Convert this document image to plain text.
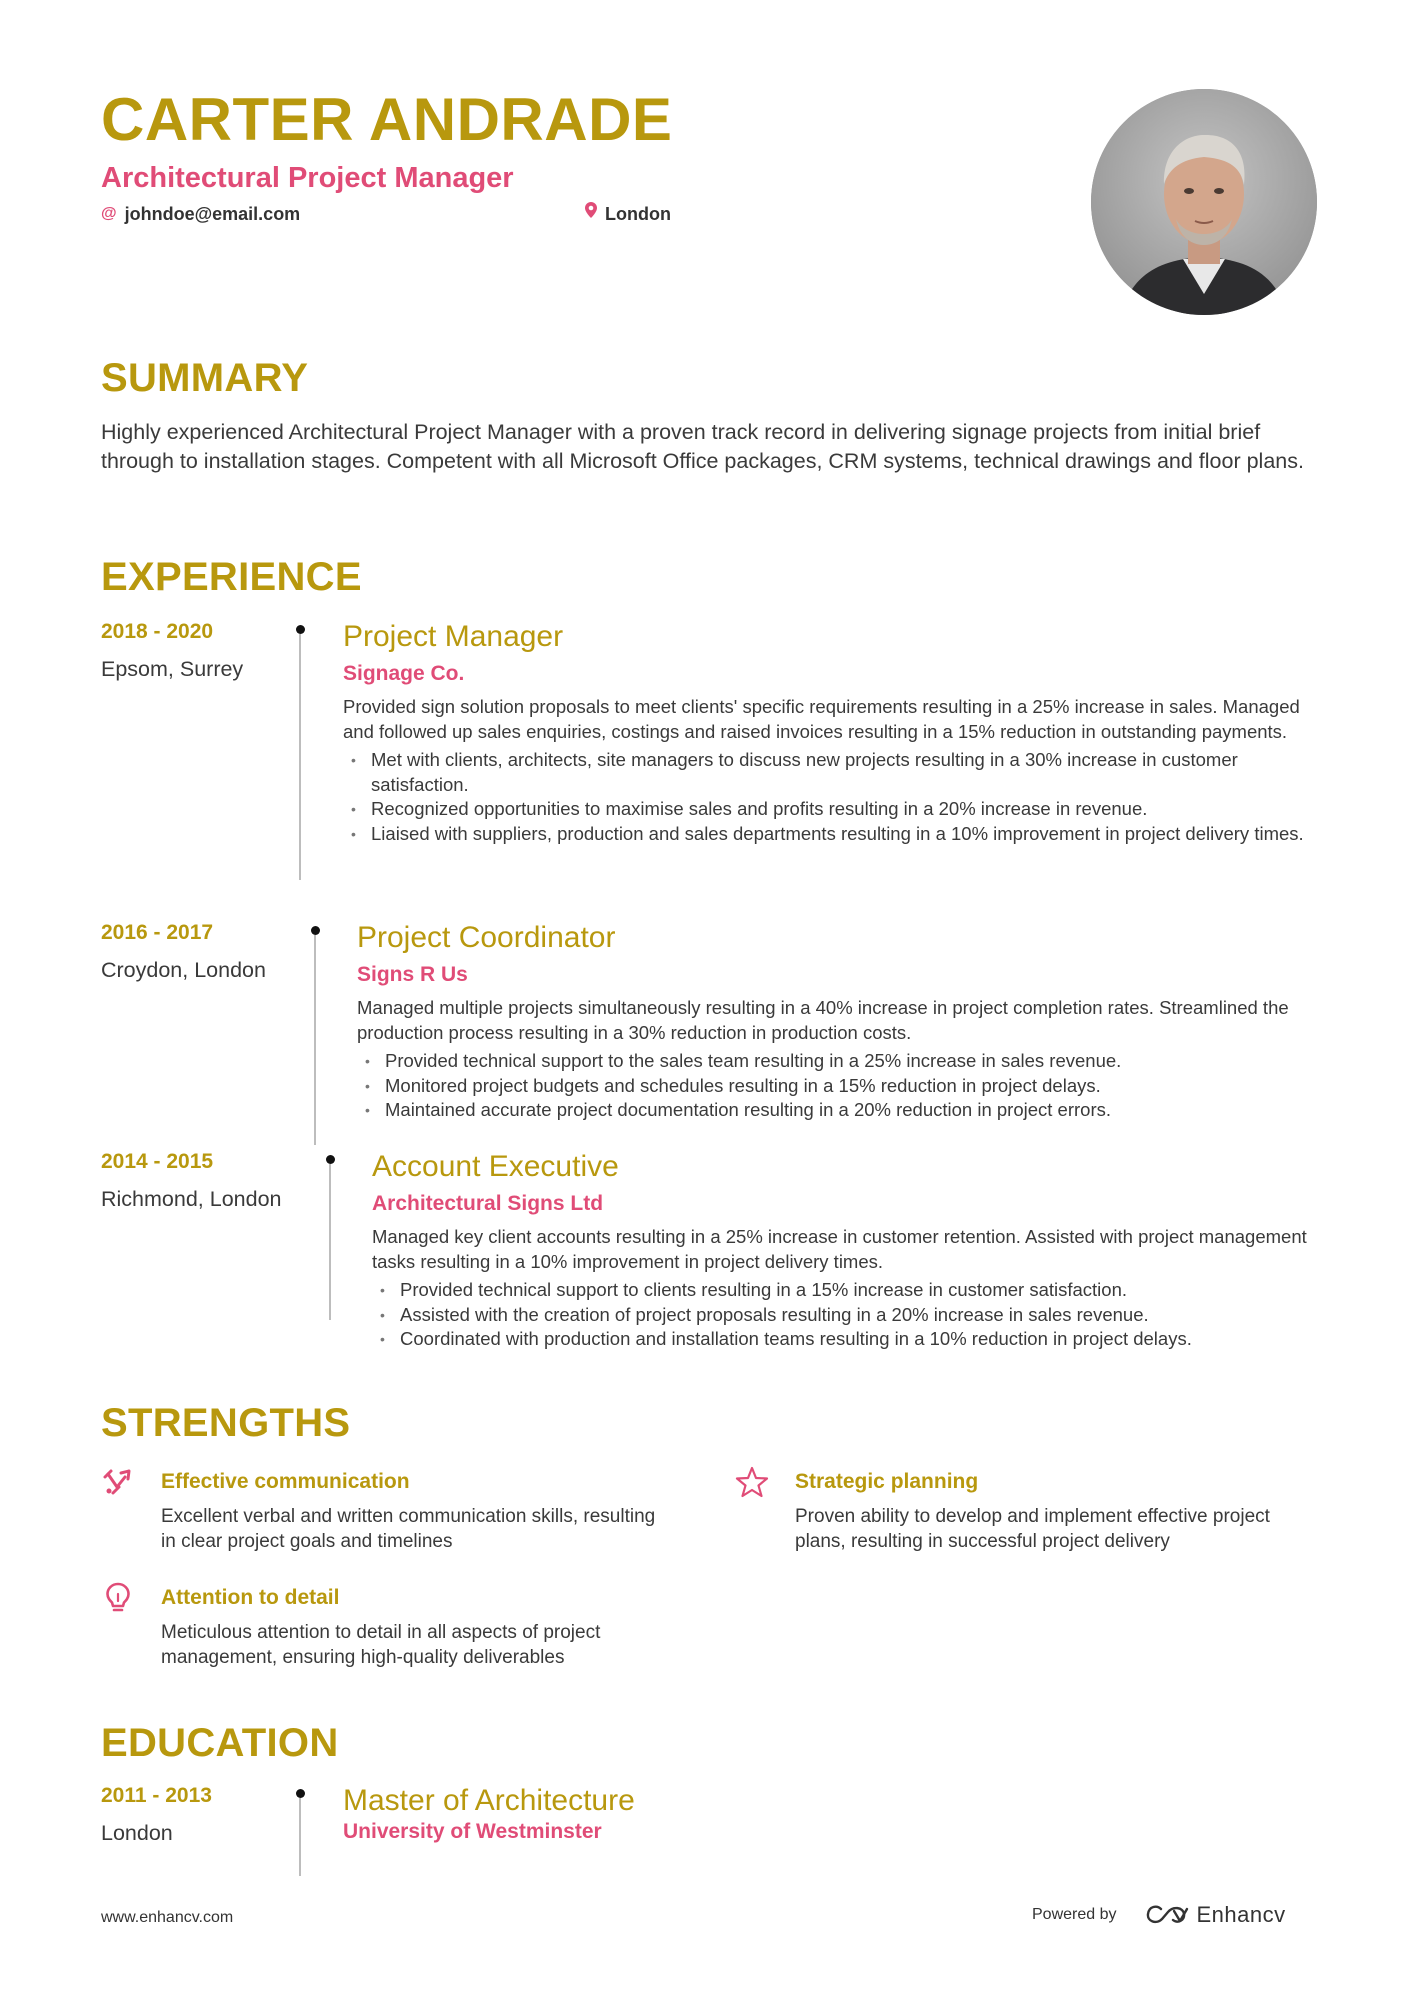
CARTER ANDRADE
Architectural Project Manager
@ johndoe@email.com	London
SUMMARY
Highly experienced Architectural Project Manager with a proven track record in delivering signage projects from initial brief through to installation stages. Competent with all Microsoft Office packages, CRM systems, technical drawings and floor plans.
EXPERIENCE
2018 - 2020
Epsom, Surrey
Project Manager
Signage Co.
Provided sign solution proposals to meet clients' specific requirements resulting in a 25% increase in sales. Managed and followed up sales enquiries, costings and raised invoices resulting in a 15% reduction in outstanding payments.
• Met with clients, architects, site managers to discuss new projects resulting in a 30% increase in customer satisfaction.
• Recognized opportunities to maximise sales and profits resulting in a 20% increase in revenue.
• Liaised with suppliers, production and sales departments resulting in a 10% improvement in project delivery times.
2016 - 2017
Croydon, London
Project Coordinator
Signs R Us
Managed multiple projects simultaneously resulting in a 40% increase in project completion rates. Streamlined the production process resulting in a 30% reduction in production costs.
• Provided technical support to the sales team resulting in a 25% increase in sales revenue.
• Monitored project budgets and schedules resulting in a 15% reduction in project delays.
• Maintained accurate project documentation resulting in a 20% reduction in project errors.
2014 - 2015
Richmond, London
Account Executive
Architectural Signs Ltd
Managed key client accounts resulting in a 25% increase in customer retention. Assisted with project management tasks resulting in a 10% improvement in project delivery times.
• Provided technical support to clients resulting in a 15% increase in customer satisfaction.
• Assisted with the creation of project proposals resulting in a 20% increase in sales revenue.
• Coordinated with production and installation teams resulting in a 10% reduction in project delays.
STRENGTHS
Effective communication
Excellent verbal and written communication skills, resulting in clear project goals and timelines
Strategic planning
Proven ability to develop and implement effective project plans, resulting in successful project delivery
Attention to detail
Meticulous attention to detail in all aspects of project management, ensuring high-quality deliverables
EDUCATION
2011 - 2013
London
Master of Architecture
University of Westminster
www.enhancv.com	Powered by	Enhancv
